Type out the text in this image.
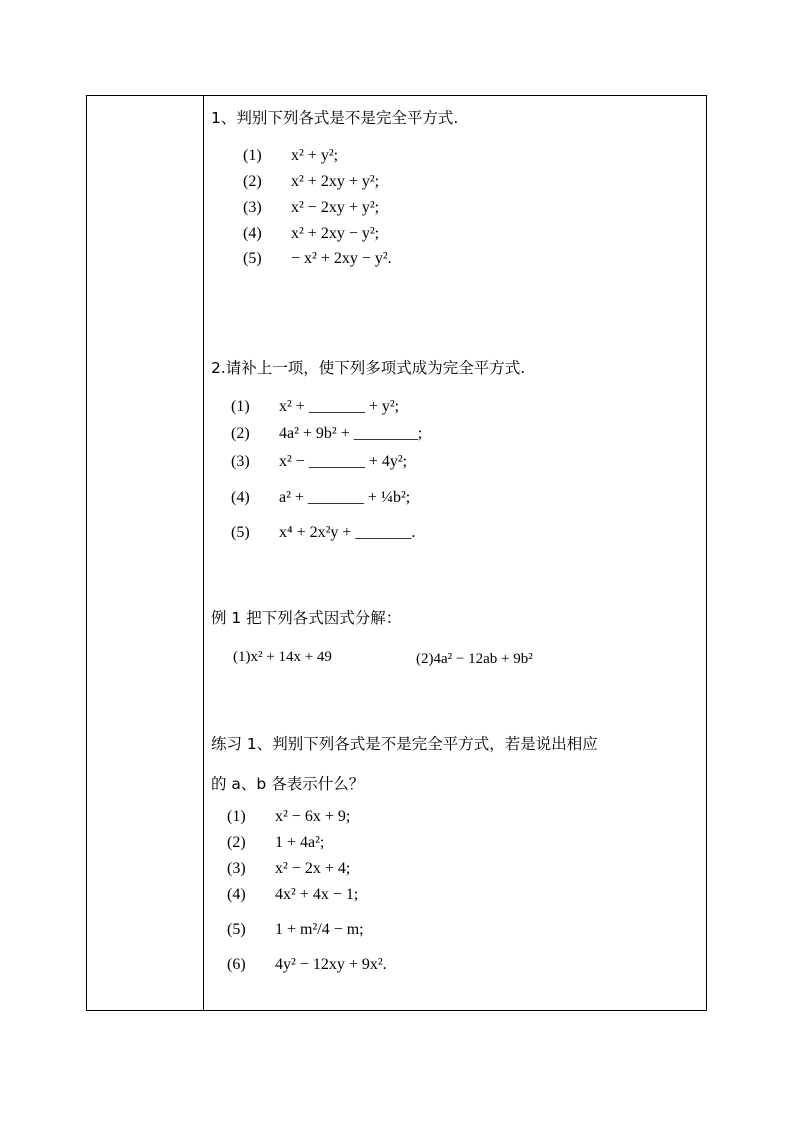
1、判别下列各式是不是完全平方式.
(1) x² + y²;
(2) x² + 2xy + y²;
(3) x² − 2xy + y²;
(4) x² + 2xy − y²;
(5) − x² + 2xy − y².
2.请补上一项，使下列多项式成为完全平方式.
(1) x² + _______ + y²;
(2) 4a² + 9b² + ________;
(3) x² − _______ + 4y²;
(4) a² + _______ + ¼b²;
(5) x⁴ + 2x²y + _______.
例 1 把下列各式因式分解：
(1)x² + 14x + 49	(2)4a² − 12ab + 9b²
练习 1、判别下列各式是不是完全平方式，若是说出相应
的 a、b 各表示什么？
(1) x² − 6x + 9;
(2) 1 + 4a²;
(3) x² − 2x + 4;
(4) 4x² + 4x − 1;
(5) 1 + m²/4 − m;
(6) 4y² − 12xy + 9x².
